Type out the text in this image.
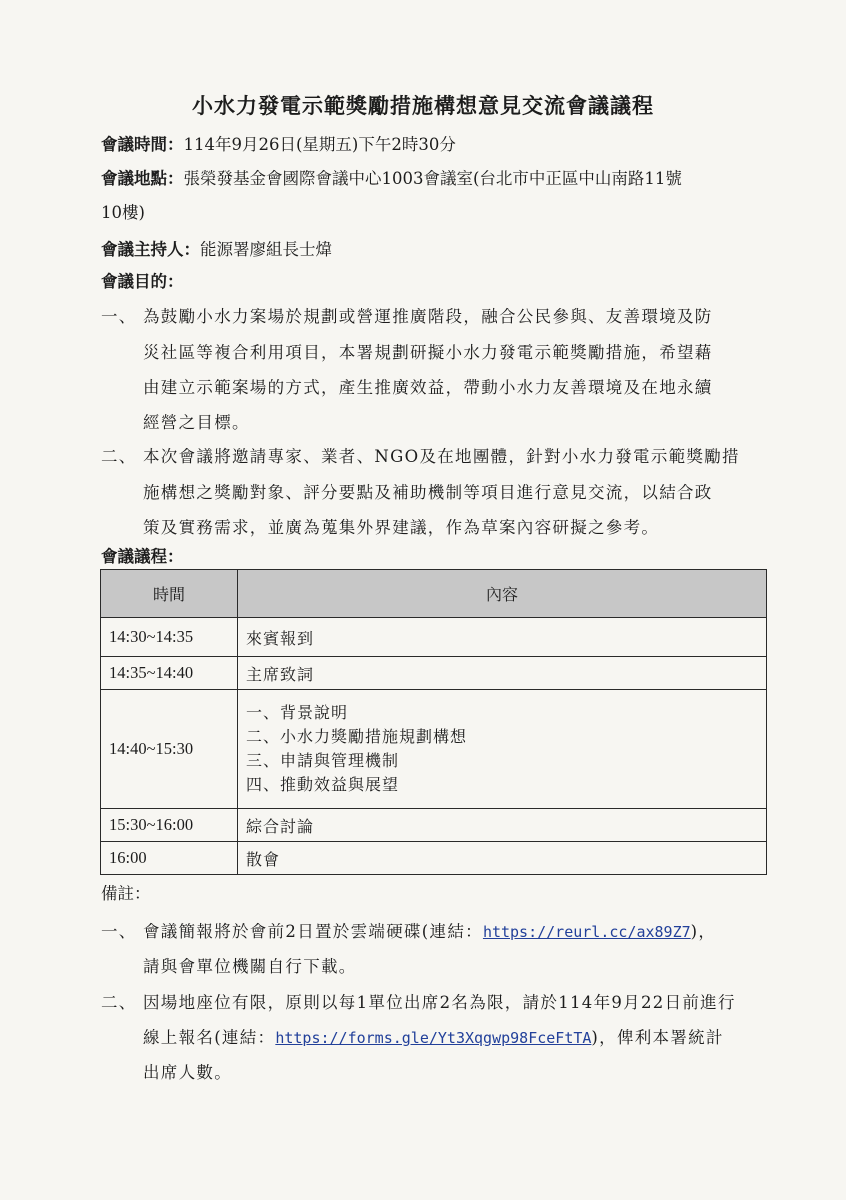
小水力發電示範獎勵措施構想意見交流會議議程
會議時間：114年9月26日(星期五)下午2時30分
會議地點：張榮發基金會國際會議中心1003會議室(台北市中正區中山南路11號
10樓)
會議主持人：能源署廖組長士煒
會議目的：
一、 為鼓勵小水力案場於規劃或營運推廣階段，融合公民參與、友善環境及防
災社區等複合利用項目，本署規劃研擬小水力發電示範獎勵措施，希望藉
由建立示範案場的方式，產生推廣效益，帶動小水力友善環境及在地永續
經營之目標。
二、 本次會議將邀請專家、業者、NGO及在地團體，針對小水力發電示範獎勵措
施構想之獎勵對象、評分要點及補助機制等項目進行意見交流，以結合政
策及實務需求，並廣為蒐集外界建議，作為草案內容研擬之參考。
會議議程：
時間	內容
14:30~14:35	來賓報到
14:35~14:40	主席致詞
14:40~15:30	一、背景說明
二、小水力獎勵措施規劃構想
三、申請與管理機制
四、推動效益與展望

15:30~16:00	綜合討論
16:00	散會
備註：
一、 會議簡報將於會前2日置於雲端硬碟(連結：https://reurl.cc/ax89Z7)，
請與會單位機關自行下載。
二、 因場地座位有限，原則以每1單位出席2名為限，請於114年9月22日前進行
線上報名(連結：https://forms.gle/Yt3Xqgwp98FceFtTA)，俾利本署統計
出席人數。
